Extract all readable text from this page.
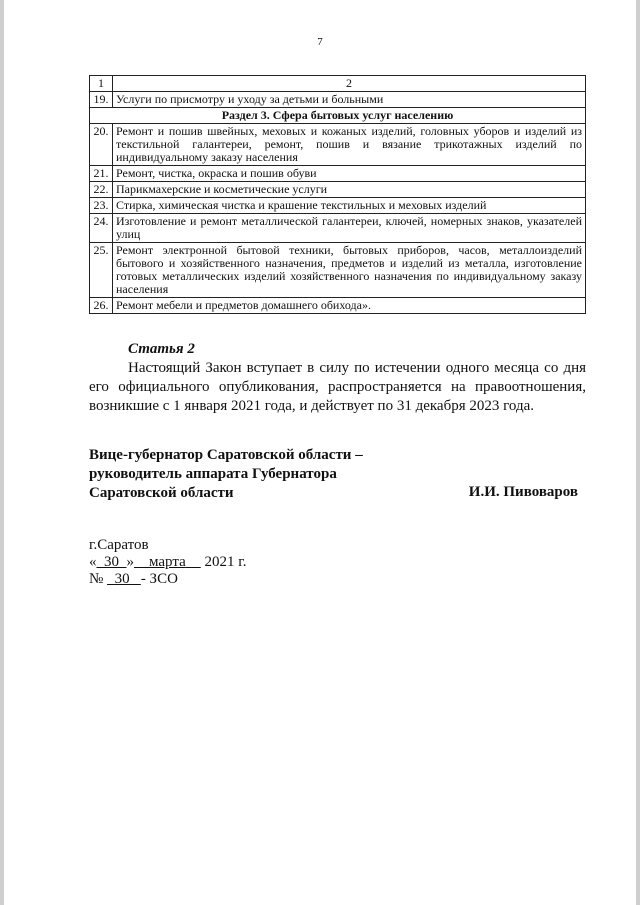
7
1	2
19.	Услуги по присмотру и уходу за детьми и больными
Раздел 3. Сфера бытовых услуг населению	
20.	Ремонт и пошив швейных, меховых и кожаных изделий, головных уборов и изделий из текстильной галантереи, ремонт, пошив и вязание трикотажных изделий по индивидуальному заказу населения
21.	Ремонт, чистка, окраска и пошив обуви
22.	Парикмахерские и косметические услуги
23.	Стирка, химическая чистка и крашение текстильных и меховых изделий
24.	Изготовление и ремонт металлической галантереи, ключей, номерных знаков, указателей улиц
25.	Ремонт электронной бытовой техники, бытовых приборов, часов, металлоизделий бытового и хозяйственного назначения, предметов и изделий из металла, изготовление готовых металлических изделий хозяйственного назначения по индивидуальному заказу населения
26.	Ремонт мебели и предметов домашнего обихода».
Статья 2
Настоящий Закон вступает в силу по истечении одного месяца со дня его официального опубликования, распространяется на правоотношения, возникшие с 1 января 2021 года, и действует по 31 декабря 2023 года.
Вице-губернатор Саратовской области –
руководитель аппарата Губернатора
Саратовской области	И.И. Пивоваров
г.Саратов
« 30 » марта 2021 г.
№ 30 - ЗСО
